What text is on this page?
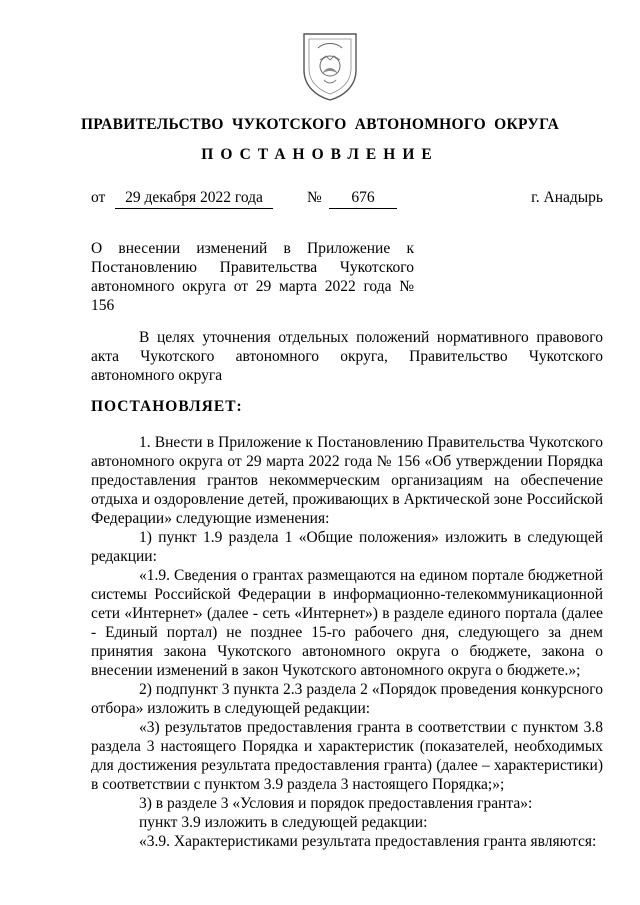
ПРАВИТЕЛЬСТВО ЧУКОТСКОГО АВТОНОМНОГО ОКРУГА
ПОСТАНОВЛЕНИЕ
от	29 декабря 2022 года	№	676	г. Анадырь
О внесении изменений в Приложение к
Постановлению Правительства Чукотского
автономного округа от 29 марта 2022 года № 156

В целях уточнения отдельных положений нормативного правового акта Чукотского автономного округа, Правительство Чукотского автономного округа

ПОСТАНОВЛЯЕТ:

1. Внести в Приложение к Постановлению Правительства Чукотского автономного округа от 29 марта 2022 года № 156 «Об утверждении Порядка предоставления грантов некоммерческим организациям на обеспечение отдыха и оздоровление детей, проживающих в Арктической зоне Российской Федерации» следующие изменения:

1) пункт 1.9 раздела 1 «Общие положения» изложить в следующей редакции:

«1.9. Сведения о грантах размещаются на едином портале бюджетной системы Российской Федерации в информационно-телекоммуникационной сети «Интернет» (далее - сеть «Интернет») в разделе единого портала (далее - Единый портал) не позднее 15-го рабочего дня, следующего за днем принятия закона Чукотского автономного округа о бюджете, закона о внесении изменений в закон Чукотского автономного округа о бюджете.»;

2) подпункт 3 пункта 2.3 раздела 2 «Порядок проведения конкурсного отбора» изложить в следующей редакции:

«3) результатов предоставления гранта в соответствии с пунктом 3.8 раздела 3 настоящего Порядка и характеристик (показателей, необходимых для достижения результата предоставления гранта) (далее – характеристики) в соответствии с пунктом 3.9 раздела 3 настоящего Порядка;»;

3) в разделе 3 «Условия и порядок предоставления гранта»:

пункт 3.9 изложить в следующей редакции:

«3.9. Характеристиками результата предоставления гранта являются:
